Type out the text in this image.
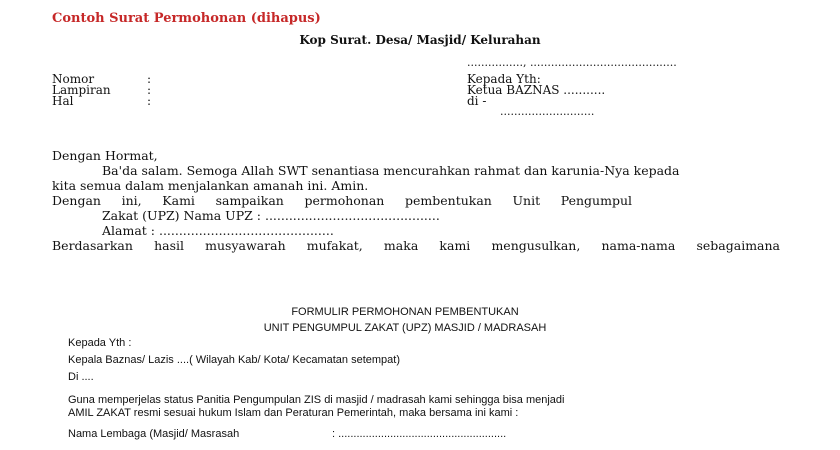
Contoh Surat Permohonan (dihapus)
Kop Surat. Desa/ Masjid/ Kelurahan
................, ..........................................
Nomor	:
Lampiran	:
Hal	:
Kepada Yth:
Ketua BAZNAS ...........
di -
...........................
Dengan Hormat,
Ba'da salam. Semoga Allah SWT senantiasa mencurahkan rahmat dan karunia-Nya kepada
kita semua dalam menjalankan amanah ini. Amin.
Dengan ini, Kami sampaikan permohonan pembentukan Unit Pengumpul
Zakat (UPZ) Nama UPZ : ............................................
Alamat : ............................................
Berdasarkan hasil musyawarah mufakat, maka kami mengusulkan, nama-nama sebagaimana
FORMULIR PERMOHONAN PEMBENTUKAN
UNIT PENGUMPUL ZAKAT (UPZ) MASJID / MADRASAH
Kepada Yth :
Kepala Baznas/ Lazis ....( Wilayah Kab/ Kota/ Kecamatan setempat)
Di ....
Guna memperjelas status Panitia Pengumpulan ZIS di masjid / madrasah kami sehingga bisa menjadi
AMIL ZAKAT resmi sesuai hukum Islam dan Peraturan Pemerintah, maka bersama ini kami :
Nama Lembaga (Masjid/ Masrasah	: .......................................................
